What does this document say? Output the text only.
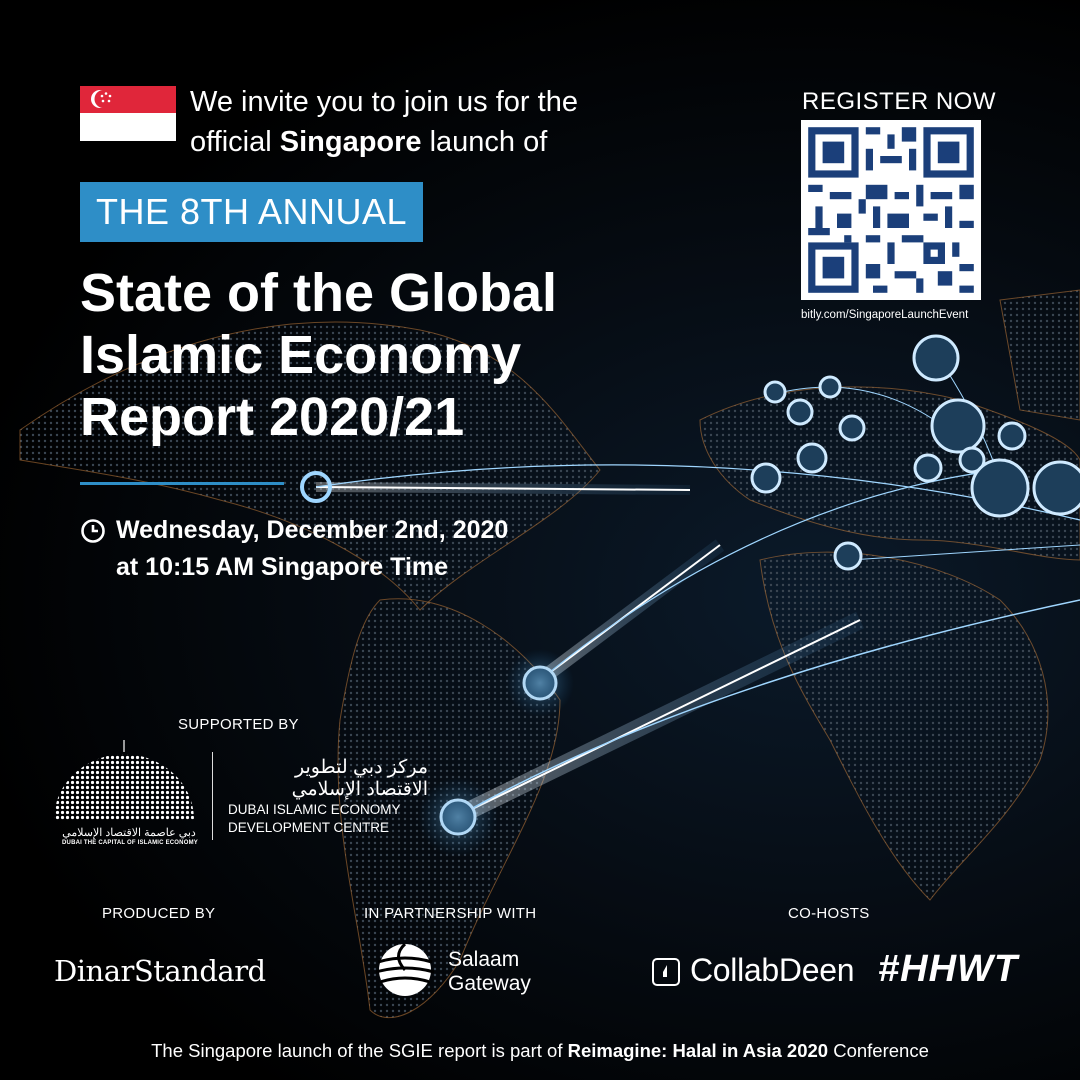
We invite you to join us for the
official Singapore launch of
THE 8TH ANNUAL
State of the Global
Islamic Economy
Report 2020/21
Wednesday, December 2nd, 2020
at 10:15 AM Singapore Time
REGISTER NOW
bitly.com/SingaporeLaunchEvent
SUPPORTED BY
دبي عاصمة الاقتصاد الإسلامي
DUBAI THE CAPITAL OF ISLAMIC ECONOMY
مركز دبي لتطوير
الاقتصاد الإسلامي
DUBAI ISLAMIC ECONOMY
DEVELOPMENT CENTRE
PRODUCED BY
DinarStandard
IN PARTNERSHIP WITH
Salaam
Gateway
CO-HOSTS
CollabDeen #HHWT
The Singapore launch of the SGIE report is part of Reimagine: Halal in Asia 2020 Conference
